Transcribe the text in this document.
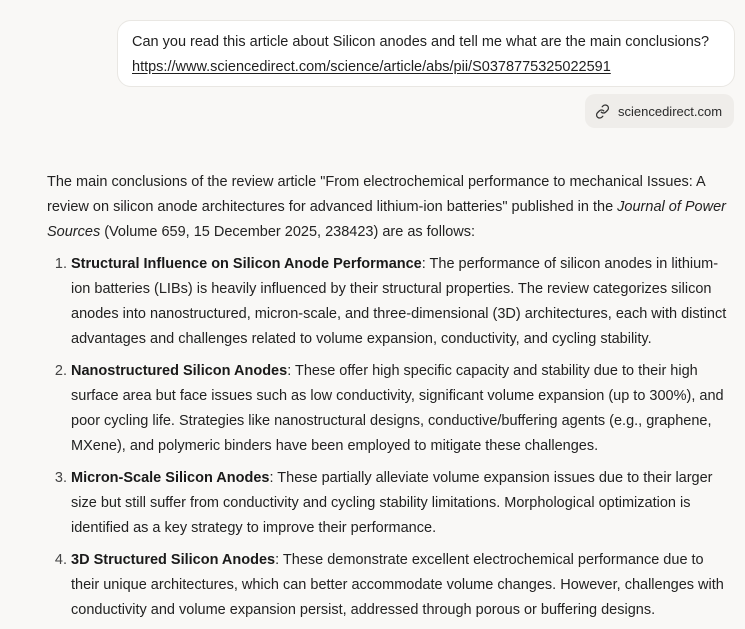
Can you read this article about Silicon anodes and tell me what are the main conclusions?
https://www.sciencedirect.com/science/article/abs/pii/S0378775325022591
sciencedirect.com

The main conclusions of the review article "From electrochemical performance to mechanical Issues: A review on silicon anode architectures for advanced lithium-ion batteries" published in the Journal of Power Sources (Volume 659, 15 December 2025, 238423) are as follows:

1. Structural Influence on Silicon Anode Performance: The performance of silicon anodes in lithium-ion batteries (LIBs) is heavily influenced by their structural properties. The review categorizes silicon anodes into nanostructured, micron-scale, and three-dimensional (3D) architectures, each with distinct advantages and challenges related to volume expansion, conductivity, and cycling stability.
2. Nanostructured Silicon Anodes: These offer high specific capacity and stability due to their high surface area but face issues such as low conductivity, significant volume expansion (up to 300%), and poor cycling life. Strategies like nanostructural designs, conductive/buffering agents (e.g., graphene, MXene), and polymeric binders have been employed to mitigate these challenges.
3. Micron-Scale Silicon Anodes: These partially alleviate volume expansion issues due to their larger size but still suffer from conductivity and cycling stability limitations. Morphological optimization is identified as a key strategy to improve their performance.
4. 3D Structured Silicon Anodes: These demonstrate excellent electrochemical performance due to their unique architectures, which can better accommodate volume changes. However, challenges with conductivity and volume expansion persist, addressed through porous or buffering designs.
